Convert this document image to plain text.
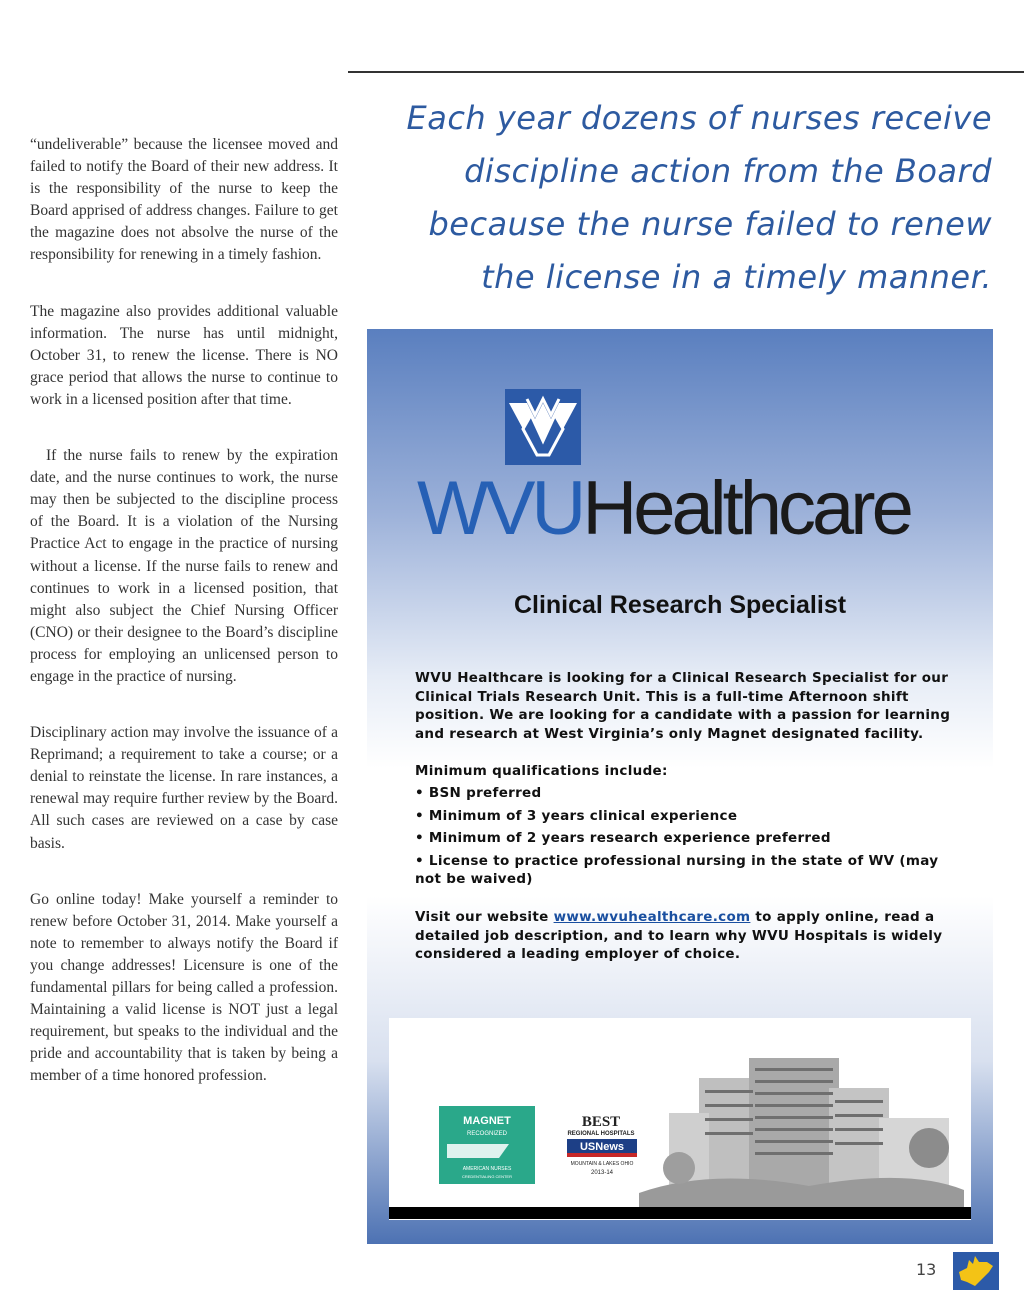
“undeliverable” because the licensee moved and failed to notify the Board of their new address. It is the responsibility of the nurse to keep the Board apprised of address changes. Failure to get the magazine does not absolve the nurse of the responsibility for renewing in a timely fashion.

The magazine also provides additional valuable information. The nurse has until midnight, October 31, to renew the license. There is NO grace period that allows the nurse to continue to work in a licensed position after that time.

If the nurse fails to renew by the expiration date, and the nurse continues to work, the nurse may then be subjected to the discipline process of the Board. It is a violation of the Nursing Practice Act to engage in the practice of nursing without a license. If the nurse fails to renew and continues to work in a licensed position, that might also subject the Chief Nursing Officer (CNO) or their designee to the Board’s discipline process for employing an unlicensed person to engage in the practice of nursing.

Disciplinary action may involve the issuance of a Reprimand; a requirement to take a course; or a denial to reinstate the license. In rare instances, a renewal may require further review by the Board. All such cases are reviewed on a case by case basis.

Go online today! Make yourself a reminder to renew before October 31, 2014. Make yourself a note to remember to always notify the Board if you change addresses! Licensure is one of the fundamental pillars for being called a profession. Maintaining a valid license is NOT just a legal requirement, but speaks to the individual and the pride and accountability that is taken by being a member of a time honored profession.

Each year dozens of nurses receive discipline action from the Board because the nurse failed to renew the license in a timely manner.
WVUHealthcare
Clinical Research Specialist

WVU Healthcare is looking for a Clinical Research Specialist for our Clinical Trials Research Unit. This is a full-time Afternoon shift position. We are looking for a candidate with a passion for learning and research at West Virginia’s only Magnet designated facility.

Minimum qualifications include:
• BSN preferred
• Minimum of 3 years clinical experience
• Minimum of 2 years research experience preferred
• License to practice professional nursing in the state of WV (may not be waived)

Visit our website www.wvuhealthcare.com to apply online, read a detailed job description, and to learn why WVU Hospitals is widely considered a leading employer of choice.

MAGNET
RECOGNIZED
AMERICAN NURSES
CREDENTIALING CENTER
BEST
REGIONAL HOSPITALS
USNews
MOUNTAIN & LAKES OHIO
2013-14
13
